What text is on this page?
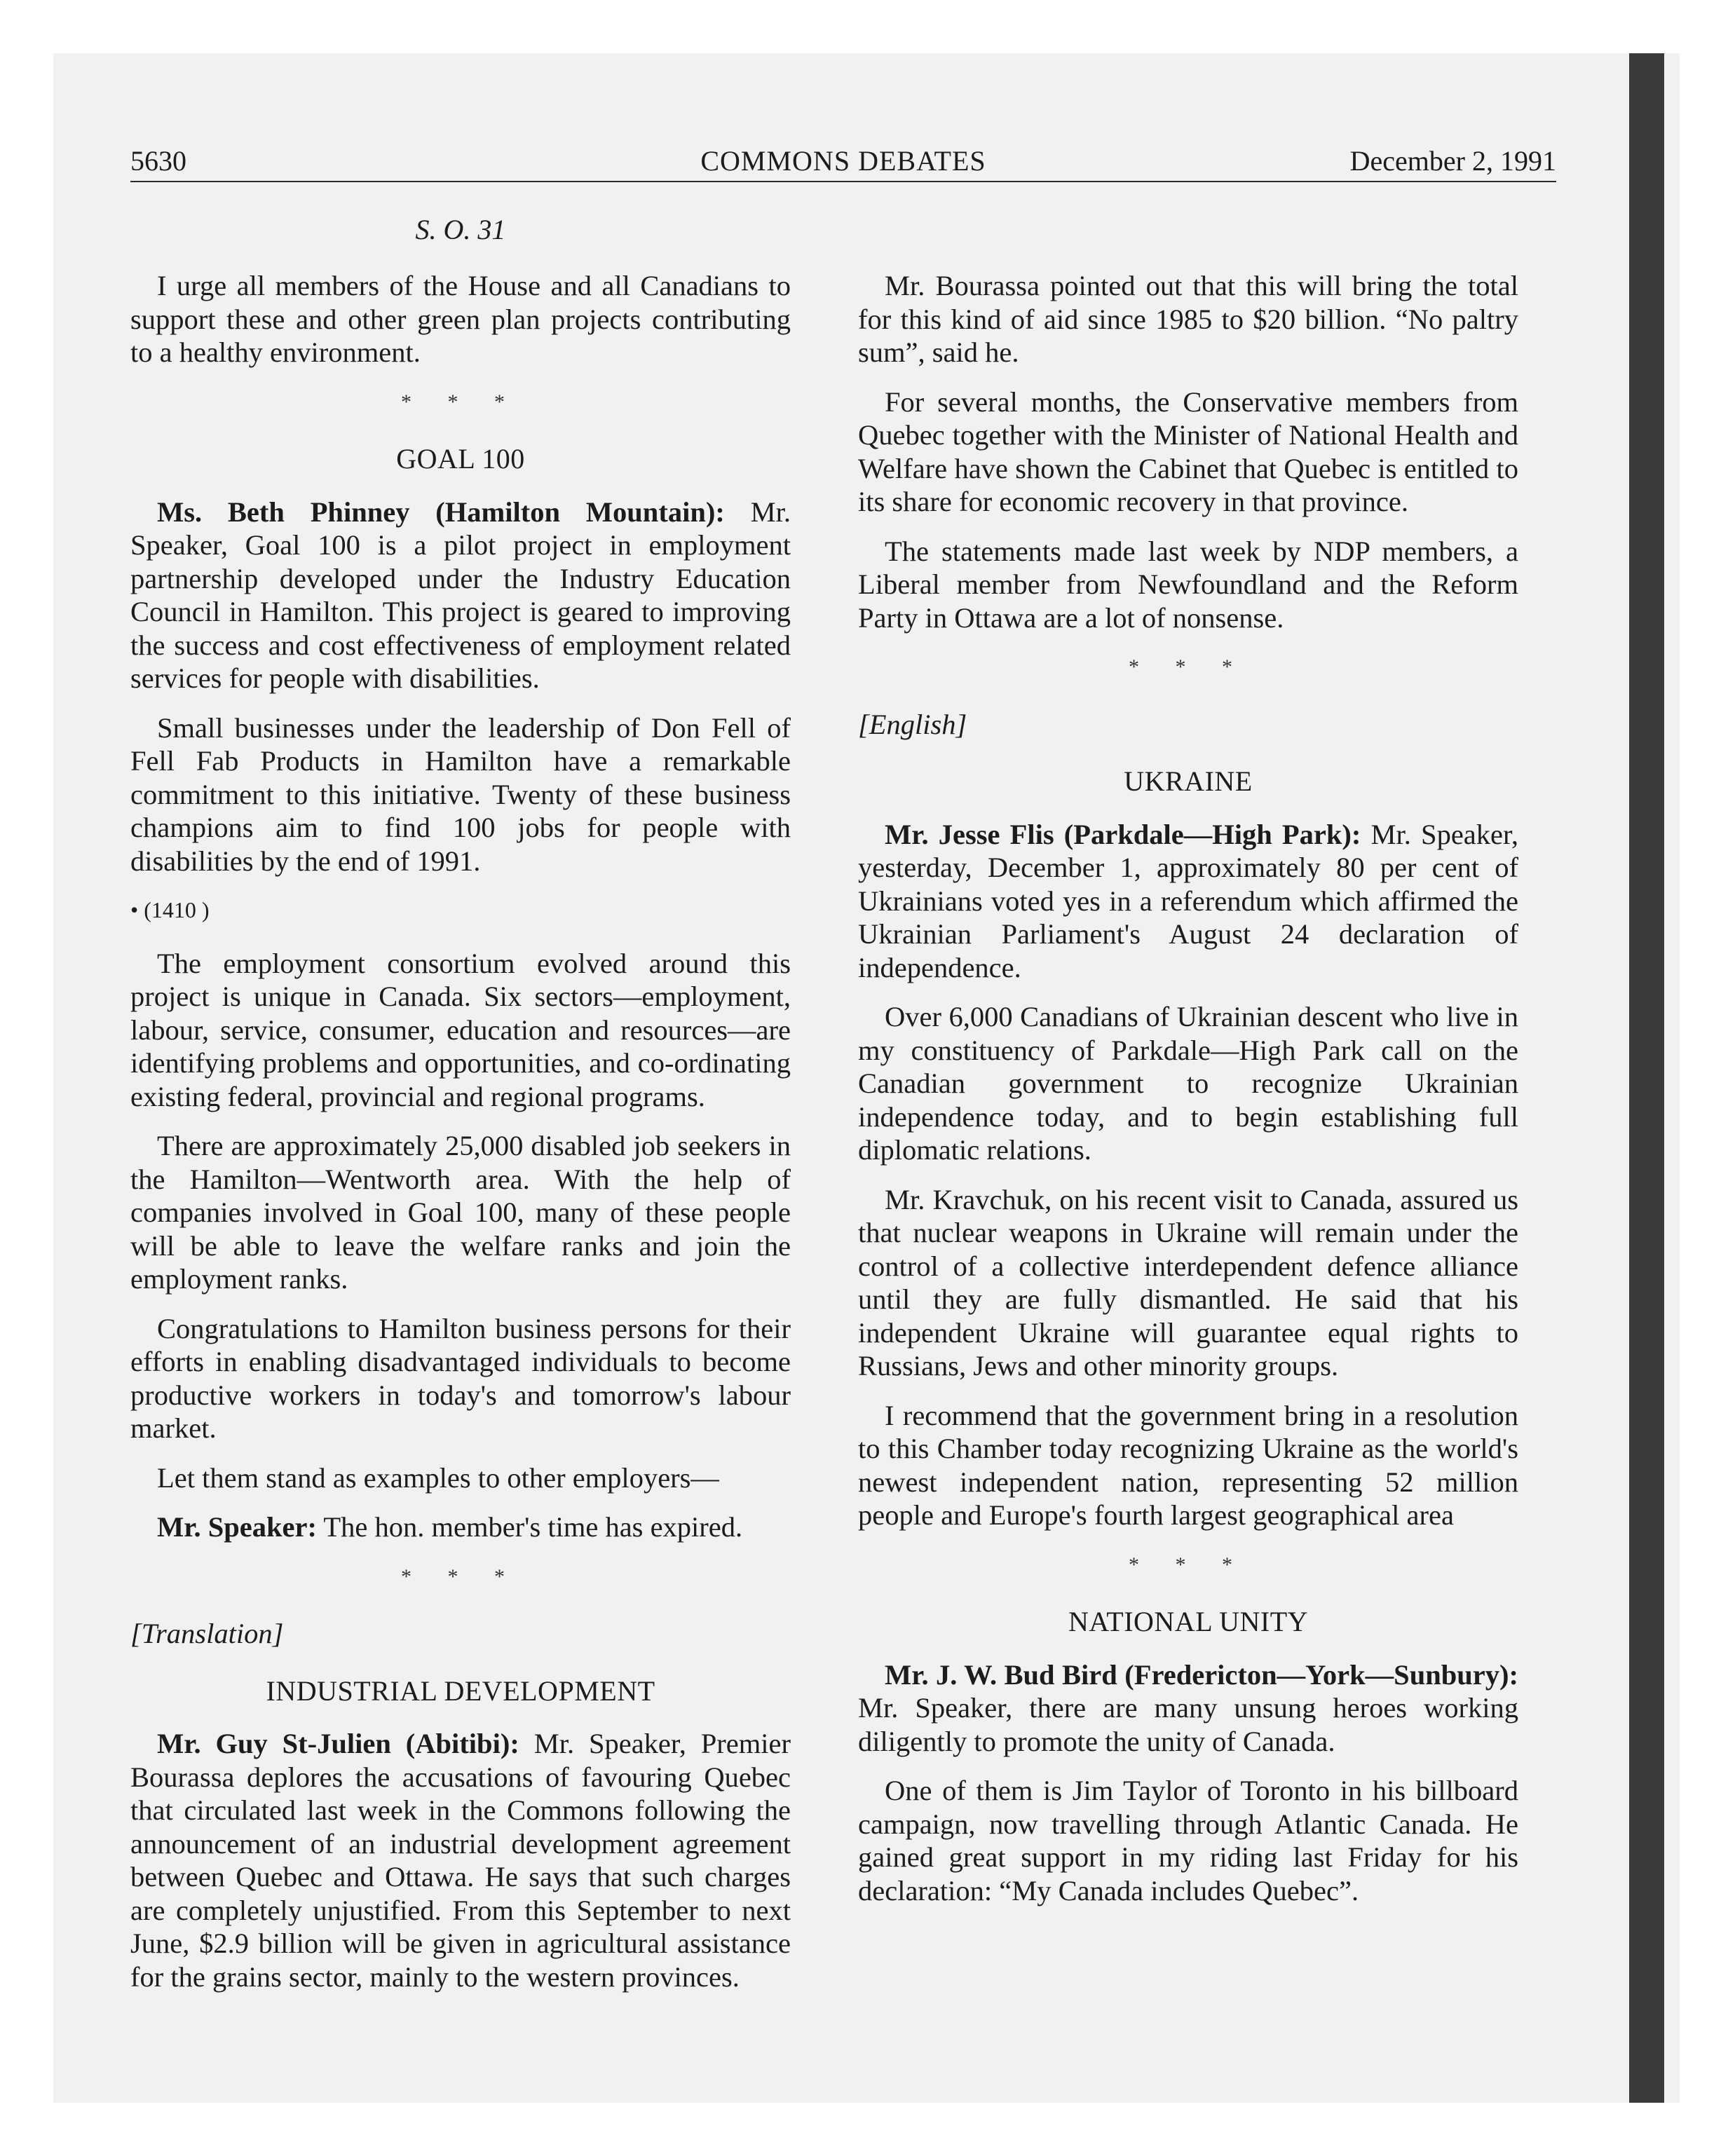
5630	COMMONS DEBATES	December 2, 1991
S. O. 31

I urge all members of the House and all Canadians to support these and other green plan projects contributing to a healthy environment.

* * *
GOAL 100

Ms. Beth Phinney (Hamilton Mountain): Mr. Speaker, Goal 100 is a pilot project in employment partnership developed under the Industry Education Council in Hamilton. This project is geared to improving the success and cost effectiveness of employment related services for people with disabilities.

Small businesses under the leadership of Don Fell of Fell Fab Products in Hamilton have a remarkable commitment to this initiative. Twenty of these business champions aim to find 100 jobs for people with disabilities by the end of 1991.

• (1410 )

The employment consortium evolved around this project is unique in Canada. Six sectors—employment, labour, service, consumer, education and resources—are identifying problems and opportunities, and co-ordinating existing federal, provincial and regional programs.

There are approximately 25,000 disabled job seekers in the Hamilton—Wentworth area. With the help of companies involved in Goal 100, many of these people will be able to leave the welfare ranks and join the employment ranks.

Congratulations to Hamilton business persons for their efforts in enabling disadvantaged individuals to become productive workers in today's and tomorrow's labour market.

Let them stand as examples to other employers—

Mr. Speaker: The hon. member's time has expired.

* * *
[Translation]
INDUSTRIAL DEVELOPMENT

Mr. Guy St-Julien (Abitibi): Mr. Speaker, Premier Bourassa deplores the accusations of favouring Quebec that circulated last week in the Commons following the announcement of an industrial development agreement between Quebec and Ottawa. He says that such charges are completely unjustified. From this September to next June, $2.9 billion will be given in agricultural assistance for the grains sector, mainly to the western provinces.

Mr. Bourassa pointed out that this will bring the total for this kind of aid since 1985 to $20 billion. “No paltry sum”, said he.

For several months, the Conservative members from Quebec together with the Minister of National Health and Welfare have shown the Cabinet that Quebec is entitled to its share for economic recovery in that province.

The statements made last week by NDP members, a Liberal member from Newfoundland and the Reform Party in Ottawa are a lot of nonsense.

* * *
[English]
UKRAINE

Mr. Jesse Flis (Parkdale—High Park): Mr. Speaker, yesterday, December 1, approximately 80 per cent of Ukrainians voted yes in a referendum which affirmed the Ukrainian Parliament's August 24 declaration of independence.

Over 6,000 Canadians of Ukrainian descent who live in my constituency of Parkdale—High Park call on the Canadian government to recognize Ukrainian independence today, and to begin establishing full diplomatic relations.

Mr. Kravchuk, on his recent visit to Canada, assured us that nuclear weapons in Ukraine will remain under the control of a collective interdependent defence alliance until they are fully dismantled. He said that his independent Ukraine will guarantee equal rights to Russians, Jews and other minority groups.

I recommend that the government bring in a resolution to this Chamber today recognizing Ukraine as the world's newest independent nation, representing 52 million people and Europe's fourth largest geographical area

* * *
NATIONAL UNITY

Mr. J. W. Bud Bird (Fredericton—York—Sunbury): Mr. Speaker, there are many unsung heroes working diligently to promote the unity of Canada.

One of them is Jim Taylor of Toronto in his billboard campaign, now travelling through Atlantic Canada. He gained great support in my riding last Friday for his declaration: “My Canada includes Quebec”.
